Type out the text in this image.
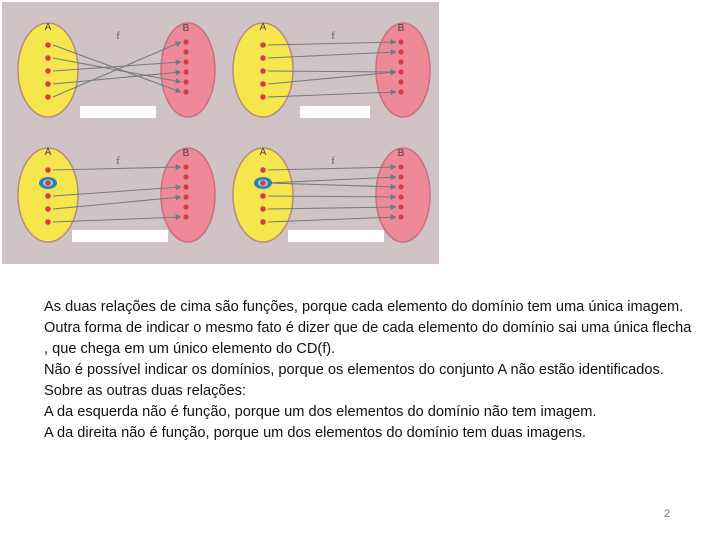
A	B
f
A	B
f
A	B
f
A	B
f

As duas relações de cima são funções, porque cada elemento do domínio tem uma única imagem. Outra forma de indicar o mesmo fato é dizer que de cada elemento do domínio sai uma única flecha , que chega em um único elemento do CD(f).

Não é possível indicar os domínios, porque os elementos do conjunto A não estão identificados.

Sobre as outras duas relações:

A da esquerda não é função, porque um dos elementos do domínio não tem imagem.

A da direita não é função, porque um dos elementos do domínio tem duas imagens.

2
